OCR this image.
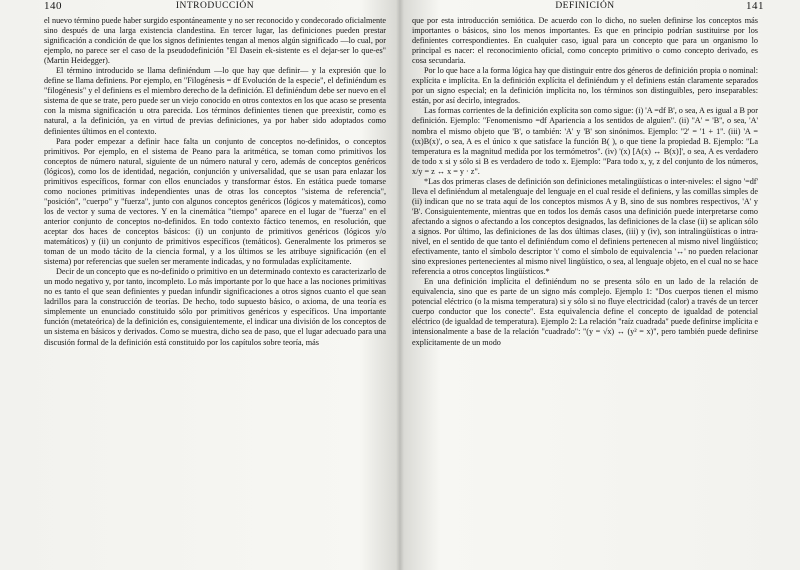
140	INTRODUCCIÓN

el nuevo término puede haber surgido espontáneamente y no ser reconocido y condecorado oficialmente sino después de una larga existencia clandestina. En tercer lugar, las definiciones pueden prestar significación a condición de que los signos definientes tengan al menos algún significado —lo cual, por ejemplo, no parece ser el caso de la pseudodefinición "El Dasein ek-sistente es el dejar-ser lo que-es" (Martin Heidegger).

El término introducido se llama definiéndum —lo que hay que definir— y la expresión que lo define se llama definiens. Por ejemplo, en "Filogénesis = df Evolución de la especie", el definiéndum es "filogénesis" y el definiens es el miembro derecho de la definición. El definiéndum debe ser nuevo en el sistema de que se trate, pero puede ser un viejo conocido en otros contextos en los que acaso se presenta con la misma significación u otra parecida. Los términos definientes tienen que preexistir, como es natural, a la definición, ya en virtud de previas definiciones, ya por haber sido adoptados como definientes últimos en el contexto.

Para poder empezar a definir hace falta un conjunto de conceptos no-definidos, o conceptos primitivos. Por ejemplo, en el sistema de Peano para la aritmética, se toman como primitivos los conceptos de número natural, siguiente de un número natural y cero, además de conceptos genéricos (lógicos), como los de identidad, negación, conjunción y universalidad, que se usan para enlazar los primitivos específicos, formar con ellos enunciados y transformar éstos. En estática puede tomarse como nociones primitivas independientes unas de otras los conceptos "sistema de referencia", "posición", "cuerpo" y "fuerza", junto con algunos conceptos genéricos (lógicos y matemáticos), como los de vector y suma de vectores. Y en la cinemática "tiempo" aparece en el lugar de "fuerza" en el anterior conjunto de conceptos no-definidos. En todo contexto fáctico tenemos, en resolución, que aceptar dos haces de conceptos básicos: (i) un conjunto de primitivos genéricos (lógicos y/o matemáticos) y (ii) un conjunto de primitivos específicos (temáticos). Generalmente los primeros se toman de un modo tácito de la ciencia formal, y a los últimos se les atribuye significación (en el sistema) por referencias que suelen ser meramente indicadas, y no formuladas explícitamente.

Decir de un concepto que es no-definido o primitivo en un determinado contexto es caracterizarlo de un modo negativo y, por tanto, incompleto. Lo más importante por lo que hace a las nociones primitivas no es tanto el que sean definientes y puedan infundir significaciones a otros signos cuanto el que sean ladrillos para la construcción de teorías. De hecho, todo supuesto básico, o axioma, de una teoría es simplemente un enunciado constituido sólo por primitivos genéricos y específicos. Una importante función (metateórica) de la definición es, consiguientemente, el indicar una división de los conceptos de un sistema en básicos y derivados. Como se muestra, dicho sea de paso, que el lugar adecuado para una discusión formal de la definición está constituido por los capítulos sobre teoría, más

DEFINICIÓN	141

que por esta introducción semiótica. De acuerdo con lo dicho, no suelen definirse los conceptos más importantes o básicos, sino los menos importantes. Es que en principio podrían sustituirse por los definientes correspondientes. En cualquier caso, igual para un concepto que para un organismo lo principal es nacer: el reconocimiento oficial, como concepto primitivo o como concepto derivado, es cosa secundaria.

Por lo que hace a la forma lógica hay que distinguir entre dos géneros de definición propia o nominal: explícita e implícita. En la definición explícita el definiéndum y el definiens están claramente separados por un signo especial; en la definición implícita no, los términos son distinguibles, pero inseparables: están, por así decirlo, integrados.

Las formas corrientes de la definición explícita son como sigue: (i) 'A =df B', o sea, A es igual a B por definición. Ejemplo: "Fenomenismo =df Apariencia a los sentidos de alguien". (ii) ''A' = 'B'', o sea, 'A' nombra el mismo objeto que 'B', o también: 'A' y 'B' son sinónimos. Ejemplo: ''2' = '1 + 1''. (iii) 'A = (ιx)B(x)', o sea, A es el único x que satisface la función B( ), o que tiene la propiedad B. Ejemplo: "La temperatura es la magnitud medida por los termómetros". (iv) '(x) [A(x) ↔ B(x)]', o sea, A es verdadero de todo x si y sólo si B es verdadero de todo x. Ejemplo: "Para todo x, y, z del conjunto de los números, x/y = z ↔ x = y · z".

*Las dos primeras clases de definición son definiciones metalingüísticas o inter-niveles: el signo '=df' lleva el definiéndum al metalenguaje del lenguaje en el cual reside el definiens, y las comillas simples de (ii) indican que no se trata aquí de los conceptos mismos A y B, sino de sus nombres respectivos, 'A' y 'B'. Consiguientemente, mientras que en todos los demás casos una definición puede interpretarse como afectando a signos o afectando a los conceptos designados, las definiciones de la clase (ii) se aplican sólo a signos. Por último, las definiciones de las dos últimas clases, (iii) y (iv), son intralingüísticas o intra-nivel, en el sentido de que tanto el definiéndum como el definiens pertenecen al mismo nivel lingüístico; efectivamente, tanto el símbolo descriptor 'ι' como el símbolo de equivalencia '↔' no pueden relacionar sino expresiones pertenecientes al mismo nivel lingüístico, o sea, al lenguaje objeto, en el cual no se hace referencia a otros conceptos lingüísticos.*

En una definición implícita el definiéndum no se presenta sólo en un lado de la relación de equivalencia, sino que es parte de un signo más complejo. Ejemplo 1: "Dos cuerpos tienen el mismo potencial eléctrico (o la misma temperatura) si y sólo si no fluye electricidad (calor) a través de un tercer cuerpo conductor que los conecte". Esta equivalencia define el concepto de igualdad de potencial eléctrico (de igualdad de temperatura). Ejemplo 2: La relación "raíz cuadrada" puede definirse implícita e intensionalmente a base de la relación "cuadrado": "(y = √x) ↔ (y² = x)", pero también puede definirse explícitamente de un modo
